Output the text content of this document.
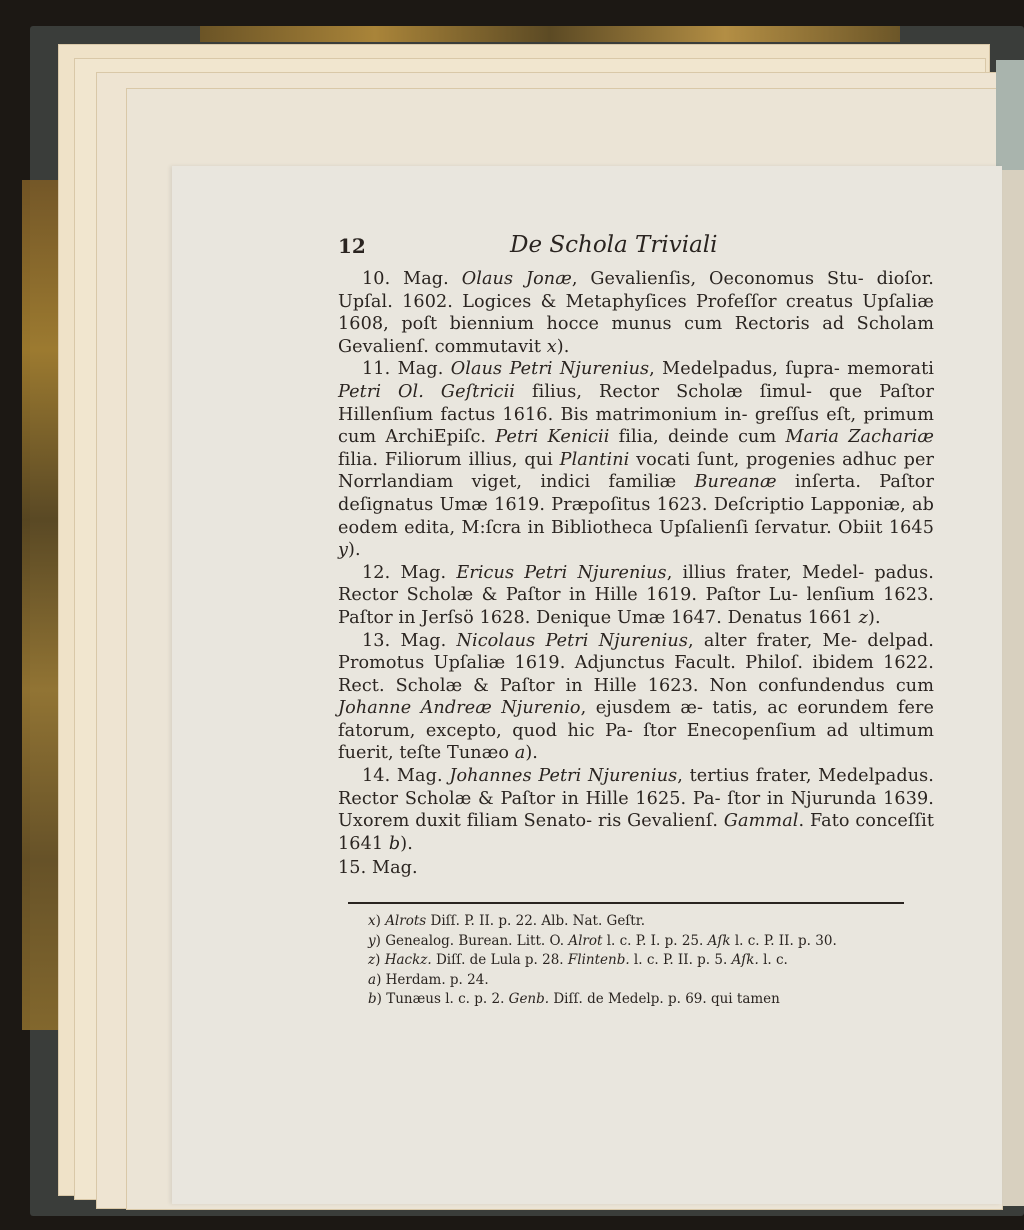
12	De Schola Triviali

10. Mag. Olaus Jonæ, Gevalienſis, Oeconomus Stu- dioſor. Upſal. 1602. Logices & Metaphyſices Profeſſor creatus Upſaliæ 1608, poſt biennium hocce munus cum Rectoris ad Scholam Gevalienſ. commutavit x).

11. Mag. Olaus Petri Njurenius, Medelpadus, ſupra- memorati Petri Ol. Geſtricii filius, Rector Scholæ ſimul- que Paſtor Hillenſium factus 1616. Bis matrimonium in- greſſus eſt, primum cum ArchiEpiſc. Petri Kenicii filia, deinde cum Maria Zachariæ filia. Filiorum illius, qui Plantini vocati ſunt, progenies adhuc per Norrlandiam viget, indici familiæ Bureanæ inſerta. Paſtor deſignatus Umæ 1619. Præpoſitus 1623. Deſcriptio Lapponiæ, ab eodem edita, M:ſcra in Bibliotheca Upſalienſi ſervatur. Obiit 1645 y).

12. Mag. Ericus Petri Njurenius, illius frater, Medel- padus. Rector Scholæ & Paſtor in Hille 1619. Paſtor Lu- lenſium 1623. Paſtor in Jerſsö 1628. Denique Umæ 1647. Denatus 1661 z).

13. Mag. Nicolaus Petri Njurenius, alter frater, Me- delpad. Promotus Upſaliæ 1619. Adjunctus Facult. Philoſ. ibidem 1622. Rect. Scholæ & Paſtor in Hille 1623. Non confundendus cum Johanne Andreæ Njurenio, ejusdem æ- tatis, ac eorundem fere fatorum, excepto, quod hic Pa- ſtor Enecopenſium ad ultimum fuerit, teſte Tunæo a).

14. Mag. Johannes Petri Njurenius, tertius frater, Medelpadus. Rector Scholæ & Paſtor in Hille 1625. Pa- ſtor in Njurunda 1639. Uxorem duxit filiam Senato- ris Gevalienſ. Gammal. Fato conceſſit 1641 b).

15. Mag.

x) Alrots Diſſ. P. II. p. 22. Alb. Nat. Geſtr.

y) Genealog. Burean. Litt. O. Alrot l. c. P. I. p. 25. Aſk l. c. P. II. p. 30.

z) Hackz. Diſſ. de Lula p. 28. Flintenb. l. c. P. II. p. 5. Aſk. l. c.

a) Herdam. p. 24.

b) Tunæus l. c. p. 2. Genb. Diſſ. de Medelp. p. 69. qui tamen
